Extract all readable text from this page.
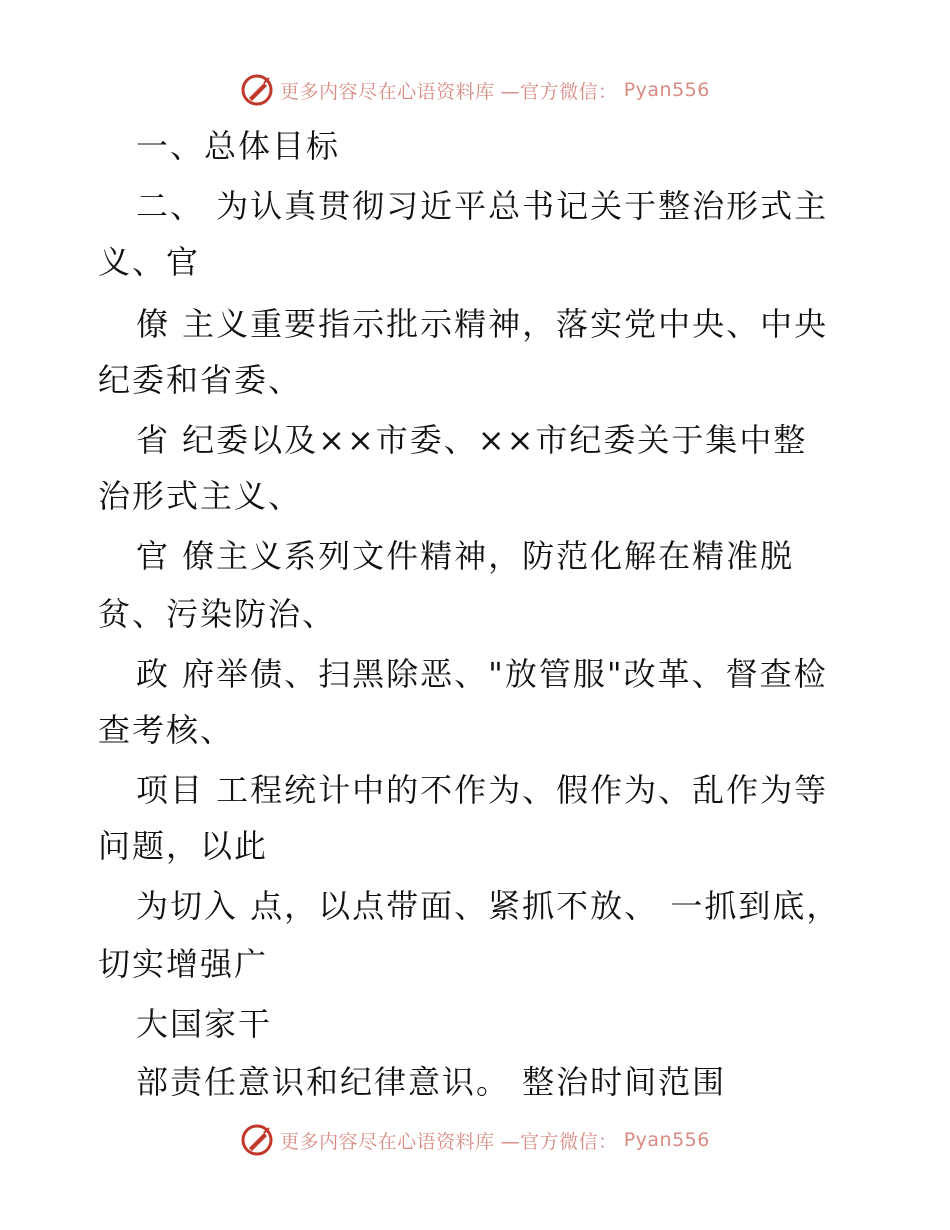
更多内容尽在心语资料库 —官方微信： Pyan556
一、总体目标
二、 为认真贯彻习近平总书记关于整治形式主
义、官
僚 主义重要指示批示精神，落实党中央、中央
纪委和省委、
省 纪委以及××市委、××市纪委关于集中整
治形式主义、
官 僚主义系列文件精神，防范化解在精准脱
贫、污染防治、
政 府举债、扫黑除恶、"放管服"改革、督查检
查考核、
项目 工程统计中的不作为、假作为、乱作为等
问题，以此
为切入 点，以点带面、紧抓不放、 一抓到底，
切实增强广
大国家干
部责任意识和纪律意识。 整治时间范围
更多内容尽在心语资料库 —官方微信： Pyan556
